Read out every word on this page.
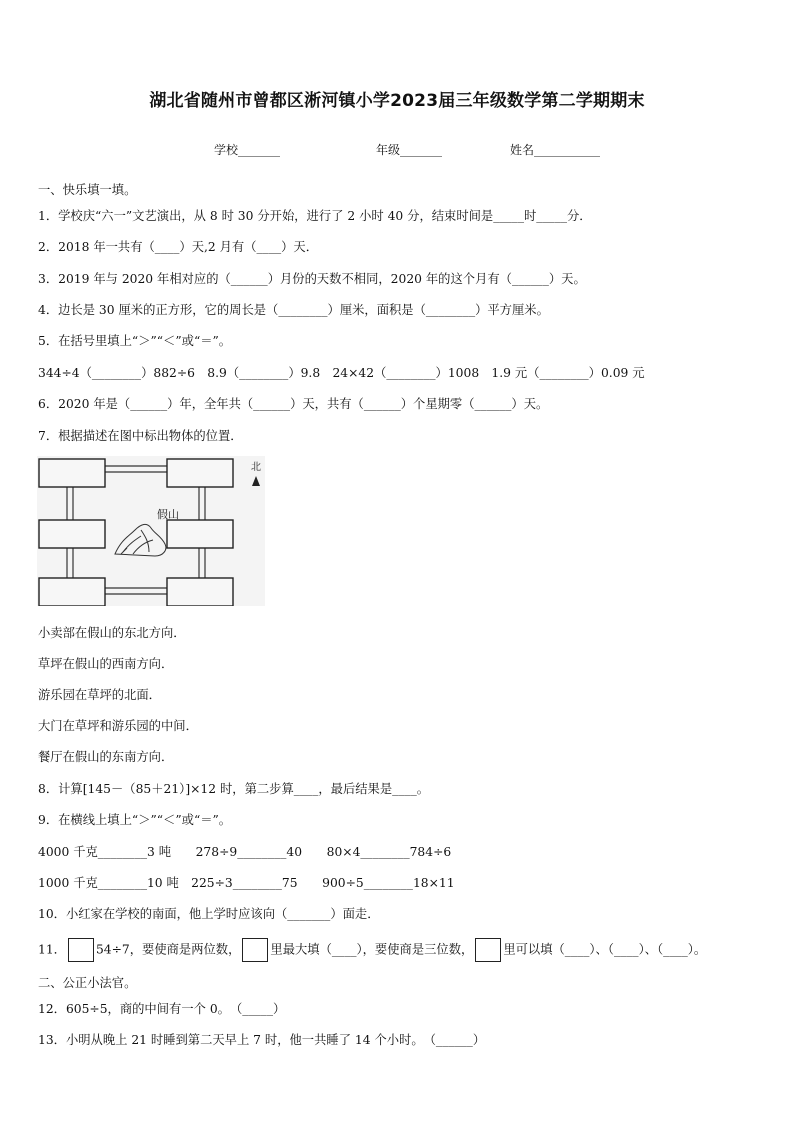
湖北省随州市曾都区淅河镇小学2023届三年级数学第二学期期末
学校_______	年级_______	姓名___________
一、快乐填一填。
1．学校庆“六一”文艺演出，从 8 时 30 分开始，进行了 2 小时 40 分，结束时间是_____时_____分．
2．2018 年一共有（____）天,2 月有（____）天．
3．2019 年与 2020 年相对应的（______）月份的天数不相同，2020 年的这个月有（______）天。
4．边长是 30 厘米的正方形，它的周长是（________）厘米，面积是（________）平方厘米。
5．在括号里填上“＞”“＜”或“＝”。
344÷4（________）882÷6　8.9（________）9.8　24×42（________）1008　1.9 元（________）0.09 元
6．2020 年是（______）年，全年共（______）天，共有（______）个星期零（______）天。
7．根据描述在图中标出物体的位置．
假山
北
小卖部在假山的东北方向．
草坪在假山的西南方向．
游乐园在草坪的北面．
大门在草坪和游乐园的中间．
餐厅在假山的东南方向．
8．计算[145－（85＋21）]×12 时，第二步算____，最后结果是____。
9．在横线上填上“＞”“＜”或“＝”。
4000 千克________3 吨　　278÷9________40　　80×4________784÷6
1000 千克________10 吨　225÷3________75　　900÷5________18×11
10．小红家在学校的南面，他上学时应该向（_______）面走．
11． 54÷7，要使商是两位数， 里最大填（____），要使商是三位数， 里可以填（____）、（____）、（____）。
二、公正小法官。
12．605÷5，商的中间有一个 0。　（_____）
13．小明从晚上 21 时睡到第二天早上 7 时，他一共睡了 14 个小时。　（______）
